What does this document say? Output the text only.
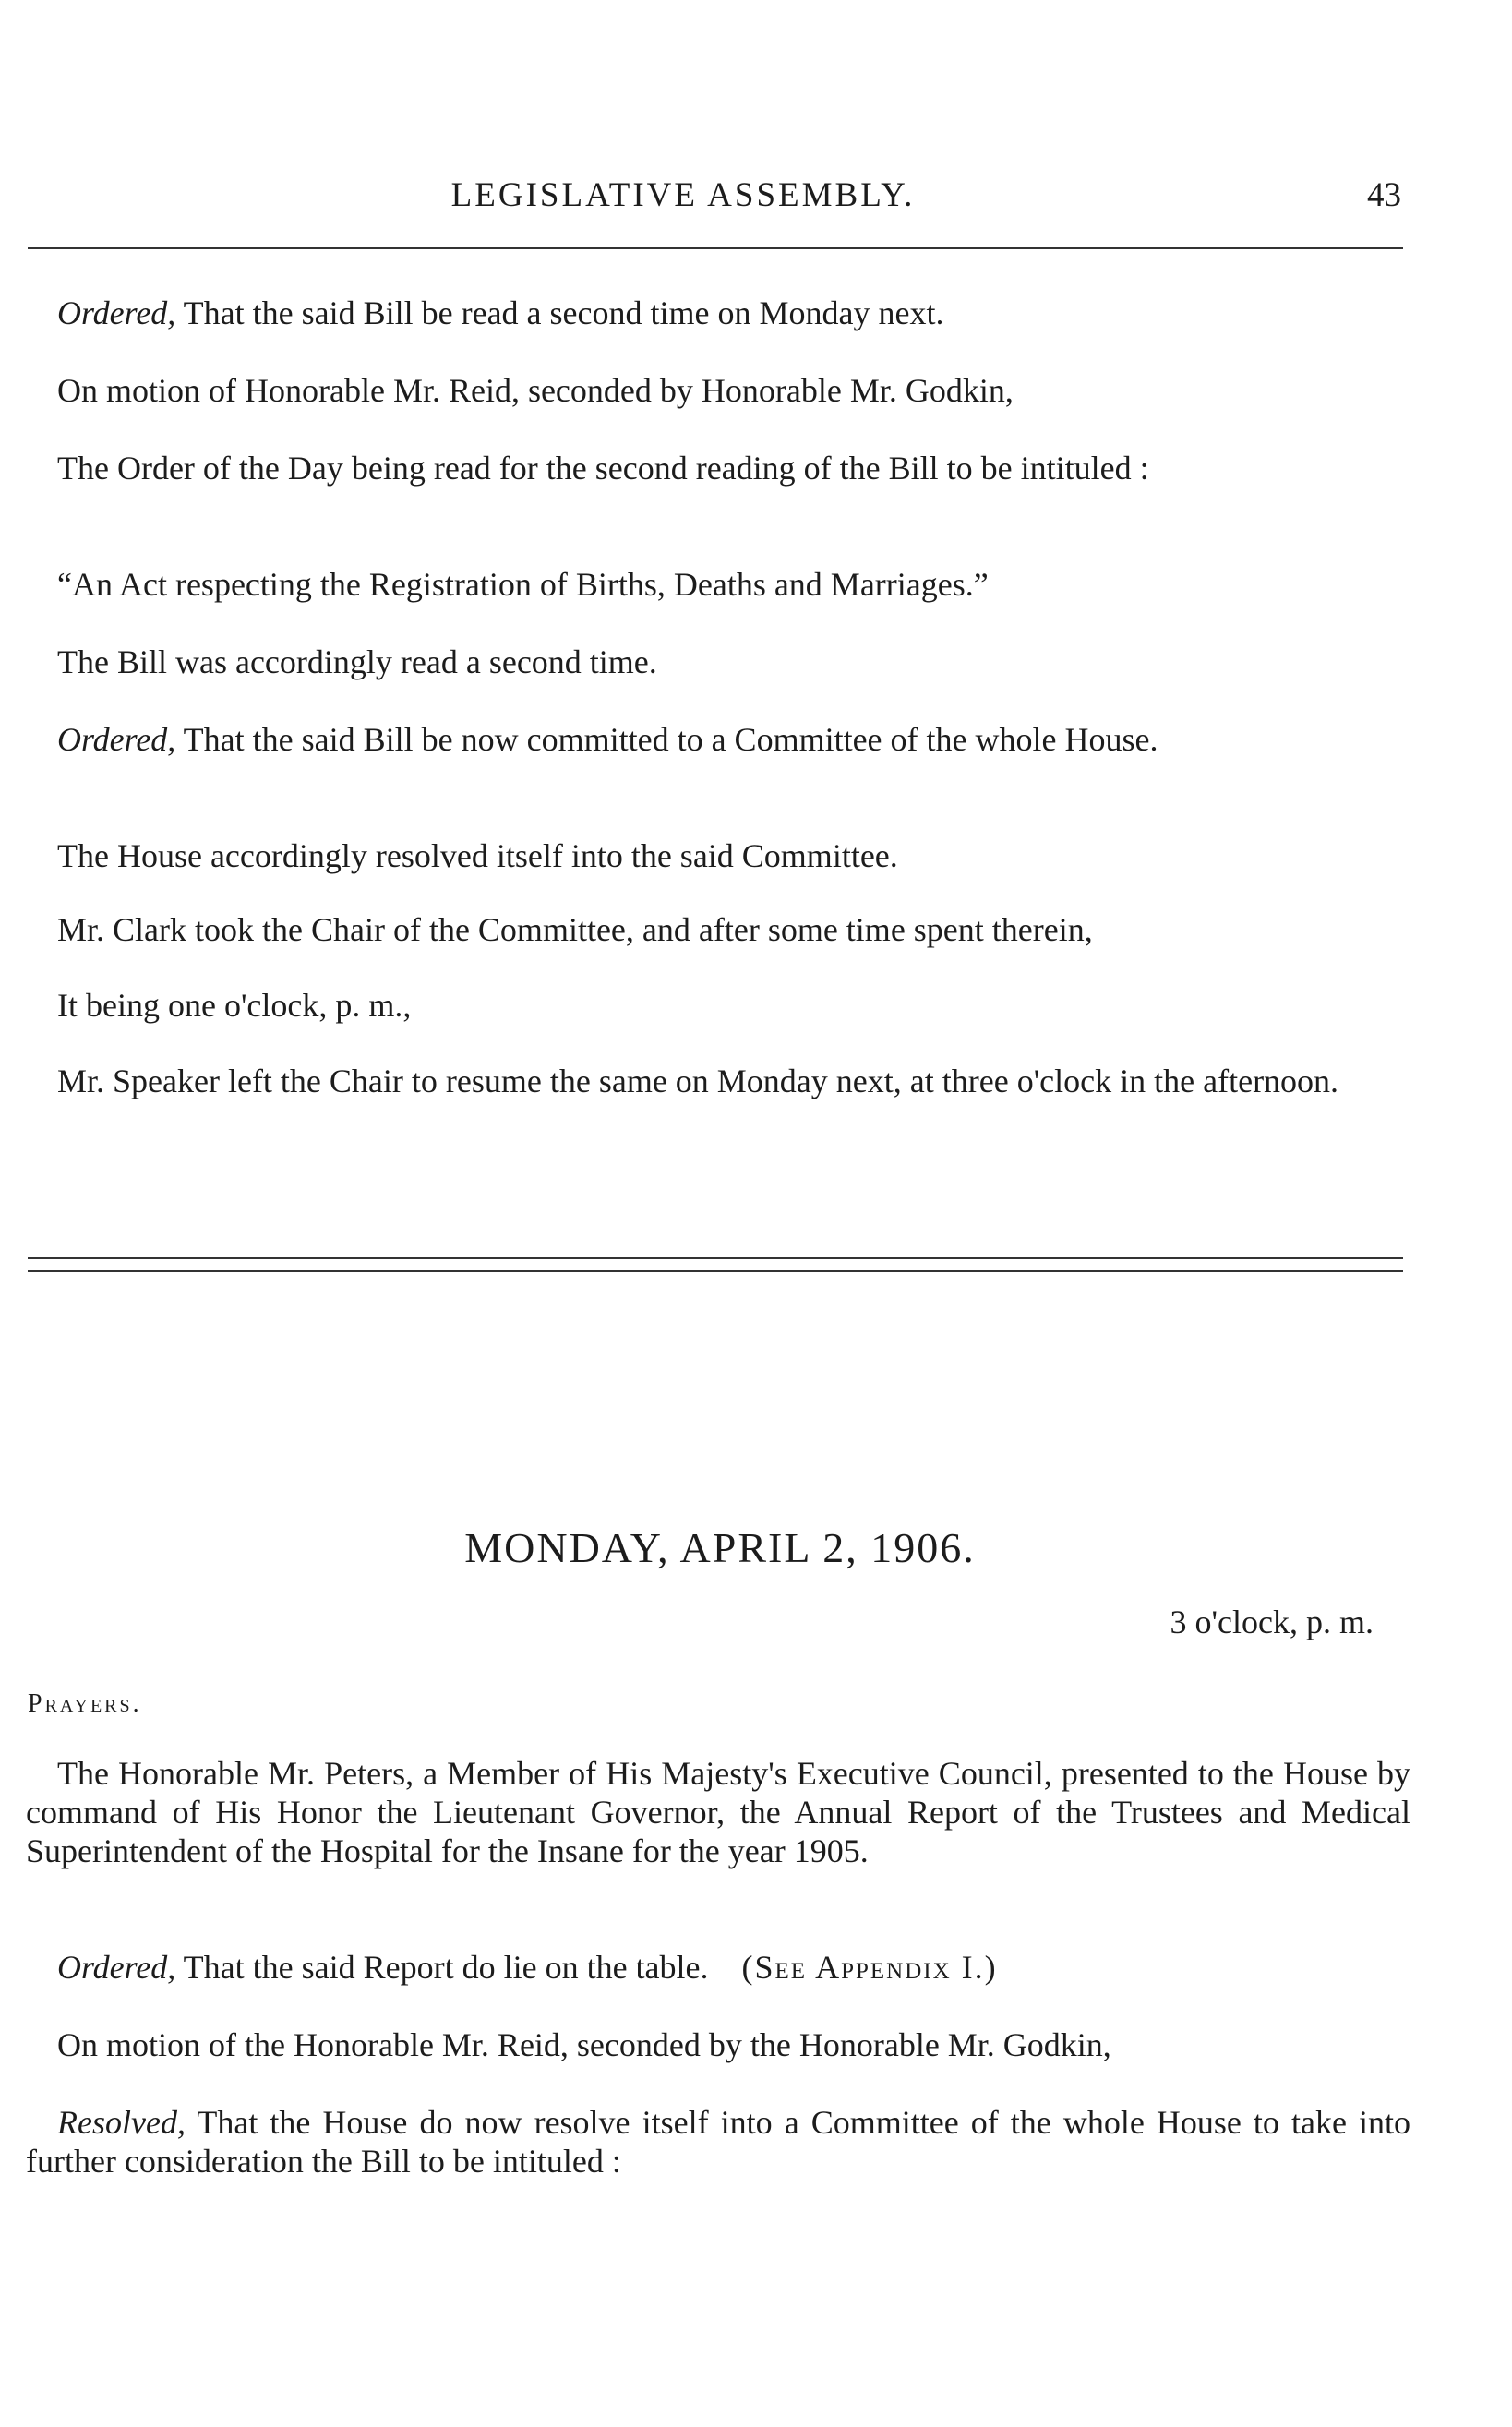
LEGISLATIVE ASSEMBLY.	43
Ordered, That the said Bill be read a second time on Monday next.
On motion of Honorable Mr. Reid, seconded by Honorable Mr. Godkin,
The Order of the Day being read for the second reading of the Bill to be intituled :
“An Act respecting the Registration of Births, Deaths and Marriages.”
The Bill was accordingly read a second time.
Ordered, That the said Bill be now committed to a Committee of the whole House.
The House accordingly resolved itself into the said Committee.
Mr. Clark took the Chair of the Committee, and after some time spent therein,
It being one o'clock, p. m.,
Mr. Speaker left the Chair to resume the same on Monday next, at three o'clock in the afternoon.
MONDAY, APRIL 2, 1906.
3 o'clock, p. m.
Prayers.
The Honorable Mr. Peters, a Member of His Majesty's Executive Council, presented to the House by command of His Honor the Lieutenant Governor, the Annual Report of the Trustees and Medical Superintendent of the Hospital for the Insane for the year 1905.
Ordered, That the said Report do lie on the table. (See Appendix I.)
On motion of the Honorable Mr. Reid, seconded by the Honorable Mr. Godkin,
Resolved, That the House do now resolve itself into a Committee of the whole House to take into further consideration the Bill to be intituled :
